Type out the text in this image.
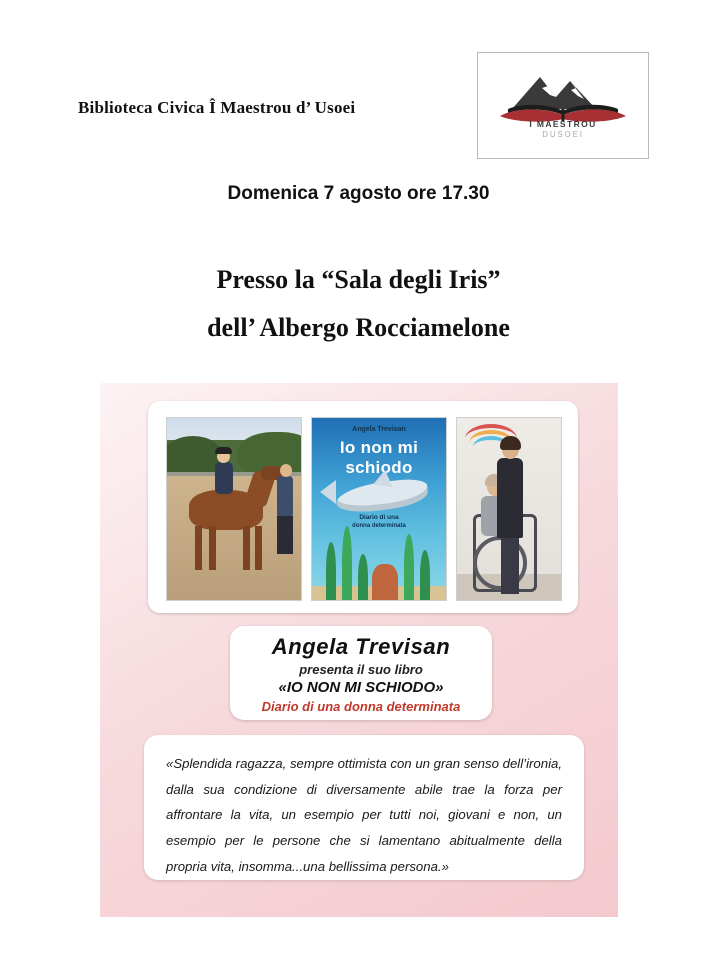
Biblioteca Civica Î Maestrou d’ Usoei
Ì MAESTROU
DUSOEI
Domenica 7 agosto ore 17.30
Presso la “Sala degli Iris”
dell’ Albergo Rocciamelone
Angela Trevisan
Io non mi
schiodo
Diario di una
donna determinata
Angela Trevisan
presenta il suo libro
«IO NON MI SCHIODO»
Diario di una donna determinata
«Splendida ragazza, sempre ottimista con un gran senso dell’ironia, dalla sua condizione di diversamente abile trae la forza per affrontare la vita, un esempio per tutti noi, giovani e non, un esempio per le persone che si lamentano abitualmente della propria vita, insomma...una bellissima persona.»
